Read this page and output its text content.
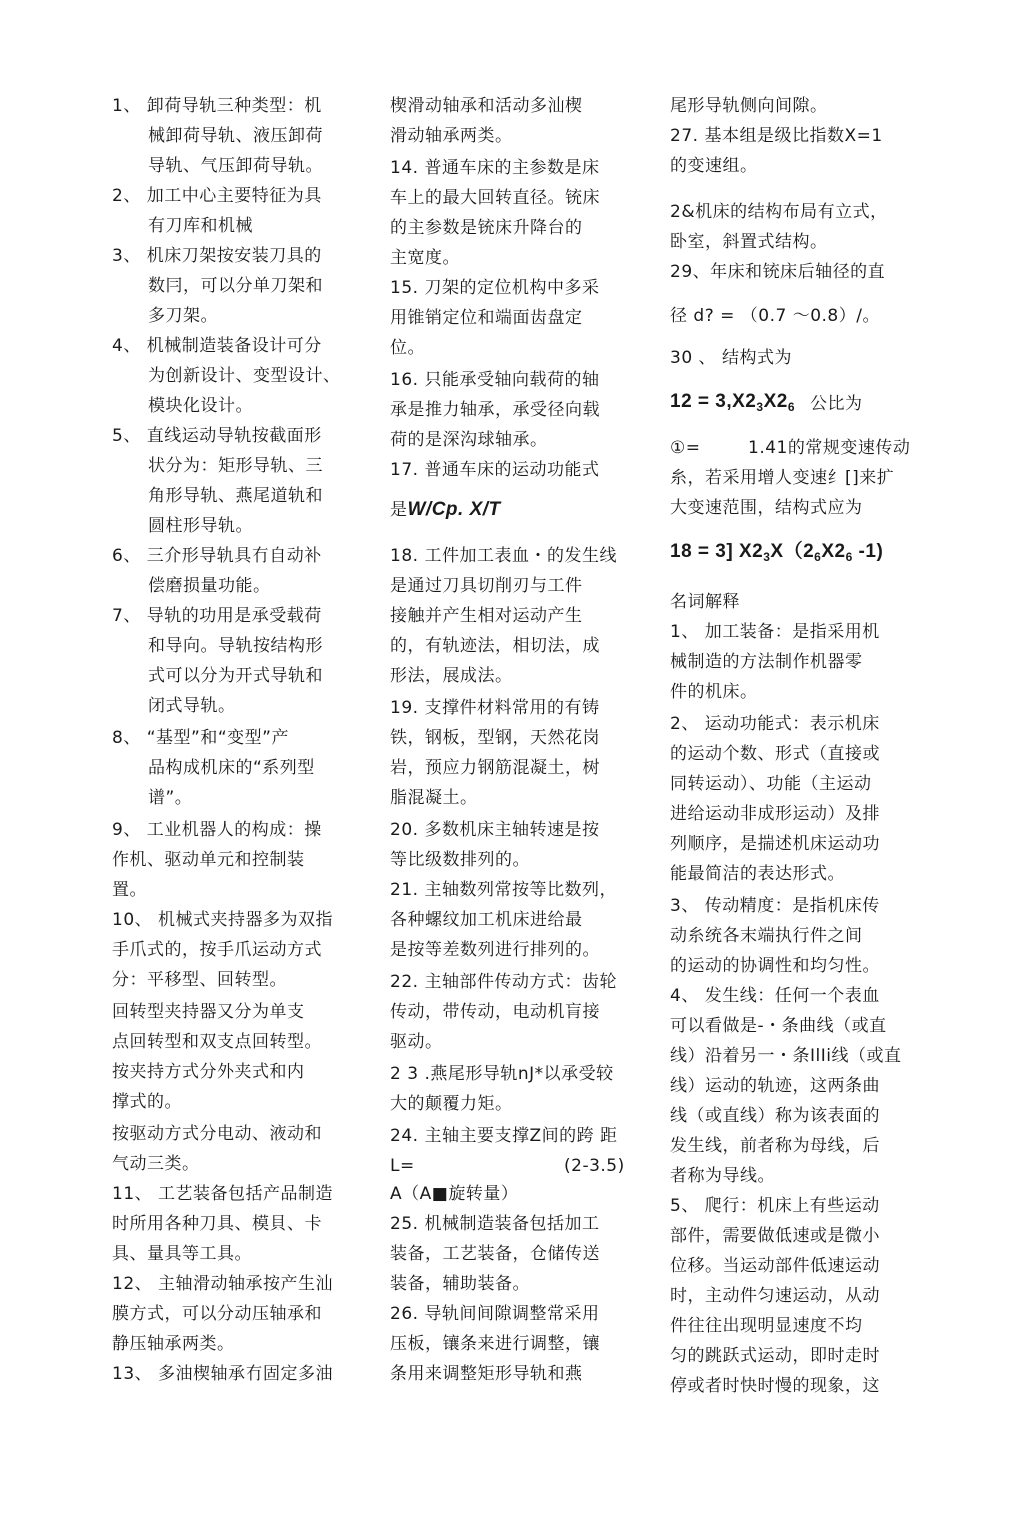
是W/Cp. X/T
$12 = 3,X2_3X2_6$
18 = 3] $X2_3X(2_6X2_6$ -1)
1、 卸荷导轨三种类型：机
械卸荷导轨、液压卸荷
导轨、气压卸荷导轨。
2、 加工中心主要特征为具
有刀库和机械
3、 机床刀架按安装刀具的
数冃，可以分单刀架和
多刀架。
4、 机械制造装备设计可分
为创新设计、变型设计、
模块化设计。
5、 直线运动导轨按截面形
状分为：矩形导轨、三
角形导轨、燕尾道轨和
圆柱形导轨。
6、 三介形导轨具冇自动补
偿磨损量功能。
7、 导轨的功用是承受载荷
和导向。导轨按结构形
式可以分为开式导轨和
闭式导轨。
8、 “基型”和“变型”产
品构成机床的“系列型
谱”。
9、 工业机器人的构成：操
作机、驱动单元和控制装
置。
10、 机械式夹持器多为双指
手爪式的，按手爪运动方式
分：平移型、回转型。
回转型夹持器又分为单支
点回转型和双支点回转型。
按夹持方式分外夹式和内
撑式的。
按驱动方式分电动、液动和
气动三类。
11、 工艺装备包括产品制造
时所用各种刀具、模貝、卡
具、量具等工具。
12、 主轴滑动轴承按产生汕
膜方式，可以分动压轴承和
静压轴承两类。
13、 多油楔轴承冇固定多油
楔滑动轴承和活动多汕楔
滑动轴承两类。
14. 普通车床的主参数是床
车上的最大回转直径。铳床
的主参数是铳床升降台的
主宽度。
15. 刀架的定位机构中多采
用锥销定位和端面齿盘定
位。
16. 只能承受轴向载荷的轴
承是推力轴承，承受径向载
荷的是深沟球轴承。
17. 普通车床的运动功能式
18. 工件加工表血・的发生线
是通过刀具切削刃与工件
接触并产生相对运动产生
的，有轨迹法，相切法，成
形法，展成法。
19. 支撑件材料常用的有铸
铁，钢板，型钢，天然花岗
岩，预应力钢筋混凝土，树
脂混凝土。
20. 多数机床主轴转速是按
等比级数排列的。
21. 主轴数列常按等比数列，
各种螺纹加工机床进给最
是按等差数列进行排列的。
22. 主轴部件传动方式：齿轮
传动，带传动，电动机肓接
驱动。
2 3 .燕尾形导轨nJ*以承受较
大的颠覆力矩。
24. 主轴主要支撑Z间的跨 距
L=	(2-3.5)
A（A■旋转量）
25. 机械制造装备包括加工
装备，工艺装备，仓储传送
装备，辅助装备。
26. 导轨间间隙调整常采用
压板，镶条来进行调整，镶
条用来调整矩形导轨和燕
尾形导轨侧向间隙。
27. 基本组是级比指数X=1
的变速组。
2&机床的结构布局有立式，
卧室，斜置式结构。
29、年床和铳床后轴径的直
径 d? = （0.7 ～0.8）/。
30 、 结构式为
公比为
①=	1.41的常规变速传动
糸，若采用增人变速纟[]来扩
大变速范围，结构式应为
名词解释
1、 加工装备：是指采用机
械制造的方法制作机器零
件的机床。
2、 运动功能式：表示机床
的运动个数、形式（直接或
同转运动）、功能（主运动
进给运动非成形运动）及排
列顺序，是揣述机床运动功
能最简洁的表达形式。
3、 传动精度：是指机床传
动糸统各末端执行件之间
的运动的协调性和均匀性。
4、 发生线：任何一个表血
可以看做是-・条曲线（或直
线）沿着另一・条IlIi线（或直
线）运动的轨迹，这两条曲
线（或直线）称为该表面的
发生线，前者称为母线，后
者称为导线。
5、 爬行：机床上有些运动
部件，需要做低速或是微小
位移。当运动部件低速运动
时，主动件匀速运动，从动
件往往出现明显速度不均
匀的跳跃式运动，即时走时
停或者时快时慢的现象，这
